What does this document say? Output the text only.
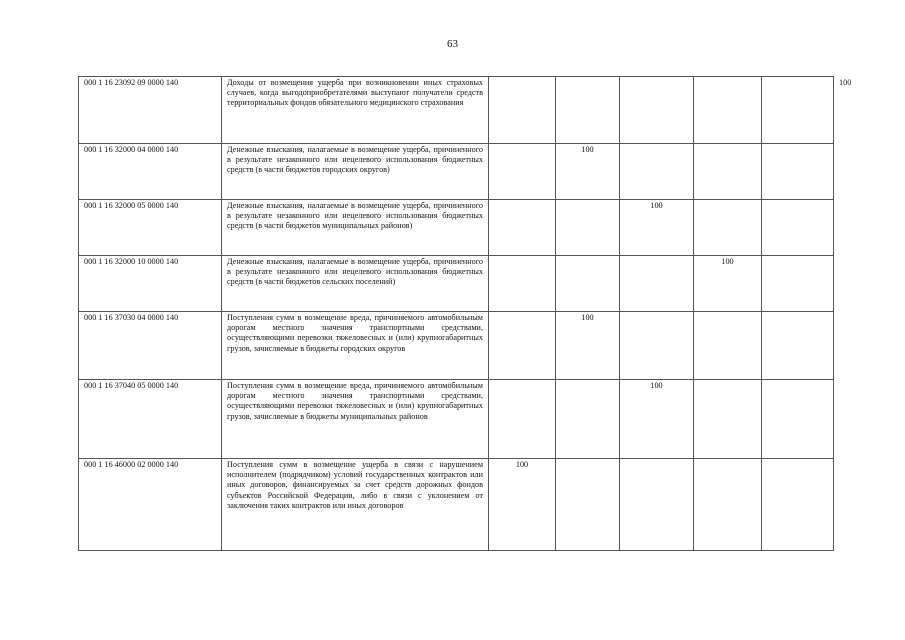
63
000 1 16 23092 09 0000 140	Доходы от возмещения ущерба при возникновении иных страховых случаев, когда выгодоприобретателями выступают получатели средств территориальных фондов обязательного медицинского страхования						100
000 1 16 32000 04 0000 140	Денежные взыскания, налагаемые в возмещение ущерба, причиненного в результате незаконного или нецелевого использования бюджетных средств (в части бюджетов городских округов)		100				
000 1 16 32000 05 0000 140	Денежные взыскания, налагаемые в возмещение ущерба, причиненного в результате незаконного или нецелевого использования бюджетных средств (в части бюджетов муниципальных районов)			100			
000 1 16 32000 10 0000 140	Денежные взыскания, налагаемые в возмещение ущерба, причиненного в результате незаконного или нецелевого использования бюджетных средств (в части бюджетов сельских поселений)				100		
000 1 16 37030 04 0000 140	Поступления сумм в возмещение вреда, причиняемого автомобильным дорогам местного значения транспортными средствами, осуществляющими перевозки тяжеловесных и (или) крупногабаритных грузов, зачисляемые в бюджеты городских округов		100				
000 1 16 37040 05 0000 140	Поступления сумм в возмещение вреда, причиняемого автомобильным дорогам местного значения транспортными средствами, осуществляющими перевозки тяжеловесных и (или) крупногабаритных грузов, зачисляемые в бюджеты муниципальных районов			100			
000 1 16 46000 02 0000 140	Поступления сумм в возмещение ущерба в связи с нарушением исполнителем (подрядчиком) условий государственных контрактов или иных договоров, финансируемых за счет средств дорожных фондов субъектов Российской Федерации, либо в связи с уклонением от заключения таких контрактов или иных договоров	100					
